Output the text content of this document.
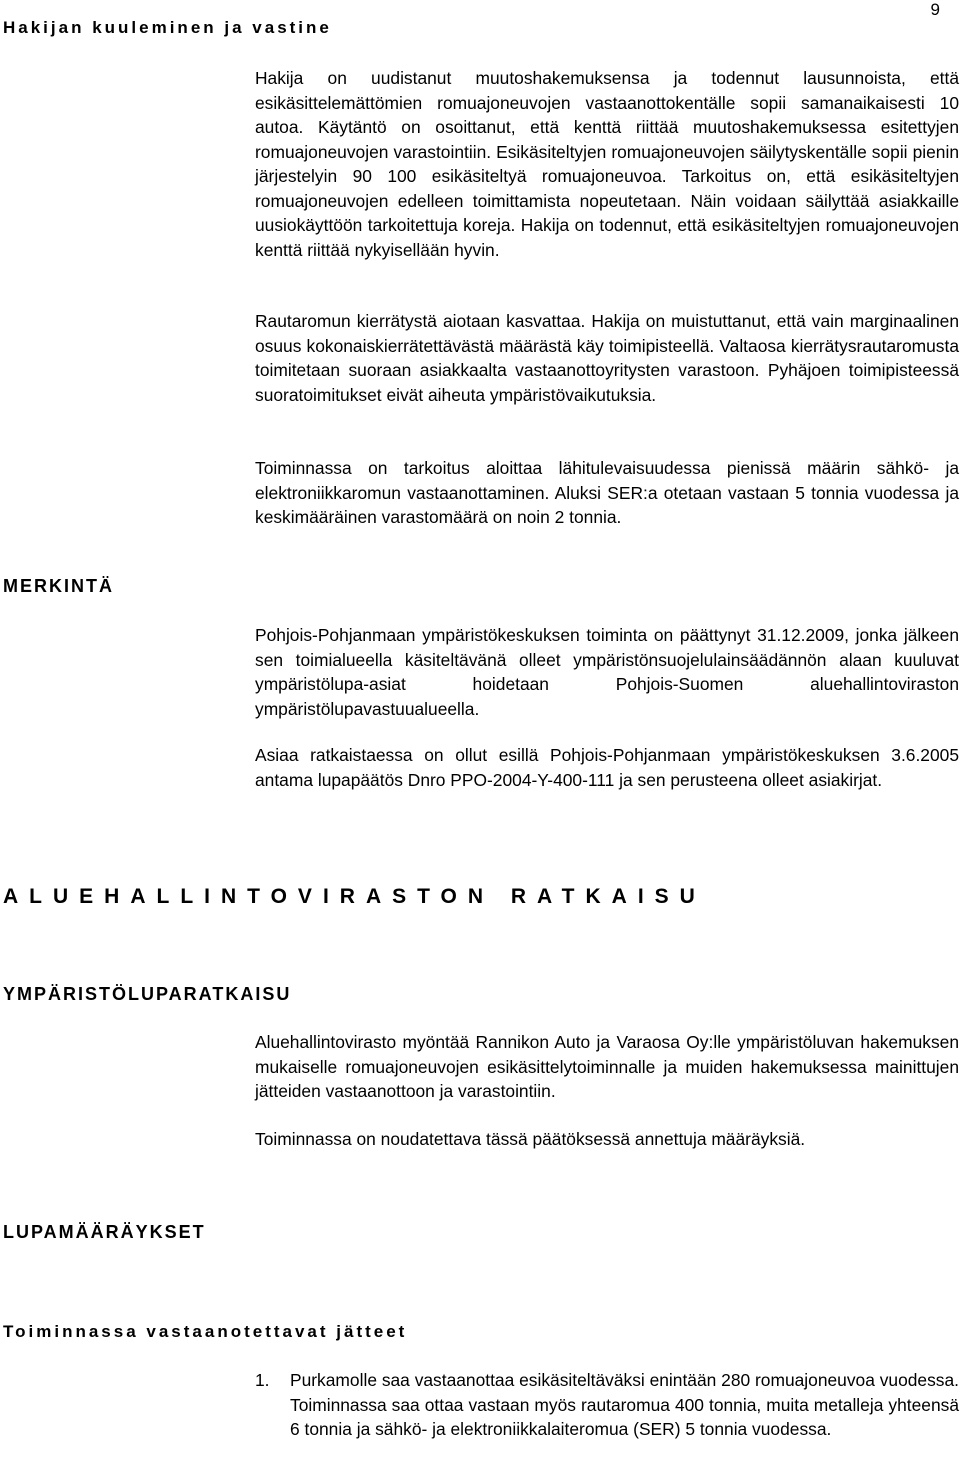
9
Hakijan kuuleminen ja vastine

Hakija on uudistanut muutoshakemuksensa ja todennut lausunnoista, että esikäsittelemättömien romuajoneuvojen vastaanottokentälle sopii samanaikaisesti 10 autoa. Käytäntö on osoittanut, että kenttä riittää muutoshakemuksessa esitettyjen romuajoneuvojen varastointiin. Esikäsiteltyjen romuajoneuvojen säilytyskentälle sopii pienin järjestelyin 90 100 esikäsiteltyä romuajoneuvoa. Tarkoitus on, että esikäsiteltyjen romuajoneuvojen edelleen toimittamista nopeutetaan. Näin voidaan säilyttää asiakkaille uusiokäyttöön tarkoitettuja koreja. Hakija on todennut, että esikäsiteltyjen romuajoneuvojen kenttä riittää nykyisellään hyvin.

Rautaromun kierrätystä aiotaan kasvattaa. Hakija on muistuttanut, että vain marginaalinen osuus kokonaiskierrätettävästä määrästä käy toimipisteellä. Valtaosa kierrätysrautaromusta toimitetaan suoraan asiakkaalta vastaanottoyritysten varastoon. Pyhäjoen toimipisteessä suoratoimitukset eivät aiheuta ympäristövaikutuksia.

Toiminnassa on tarkoitus aloittaa lähitulevaisuudessa pienissä määrin sähkö- ja elektroniikkaromun vastaanottaminen. Aluksi SER:a otetaan vastaan 5 tonnia vuodessa ja keskimääräinen varastomäärä on noin 2 tonnia.

MERKINTÄ

Pohjois-Pohjanmaan ympäristökeskuksen toiminta on päättynyt 31.12.2009, jonka jälkeen sen toimialueella käsiteltävänä olleet ympäristönsuojelulainsäädännön alaan kuuluvat ympäristölupa-asiat hoidetaan Pohjois-Suomen aluehallintoviraston ympäristölupavastuualueella.

Asiaa ratkaistaessa on ollut esillä Pohjois-Pohjanmaan ympäristökeskuksen 3.6.2005 antama lupapäätös Dnro PPO-2004-Y-400-111 ja sen perusteena olleet asiakirjat.

ALUEHALLINTOVIRASTON RATKAISU
YMPÄRISTÖLUPARATKAISU

Aluehallintovirasto myöntää Rannikon Auto ja Varaosa Oy:lle ympäristöluvan hakemuksen mukaiselle romuajoneuvojen esikäsittelytoiminnalle ja muiden hakemuksessa mainittujen jätteiden vastaanottoon ja varastointiin.

Toiminnassa on noudatettava tässä päätöksessä annettuja määräyksiä.

LUPAMÄÄRÄYKSET
Toiminnassa vastaanotettavat jätteet
1. Purkamolle saa vastaanottaa esikäsiteltäväksi enintään 280 romuajoneuvoa vuodessa. Toiminnassa saa ottaa vastaan myös rautaromua 400 tonnia, muita metalleja yhteensä 6 tonnia ja sähkö- ja elektroniikkalaiteromua (SER) 5 tonnia vuodessa.
